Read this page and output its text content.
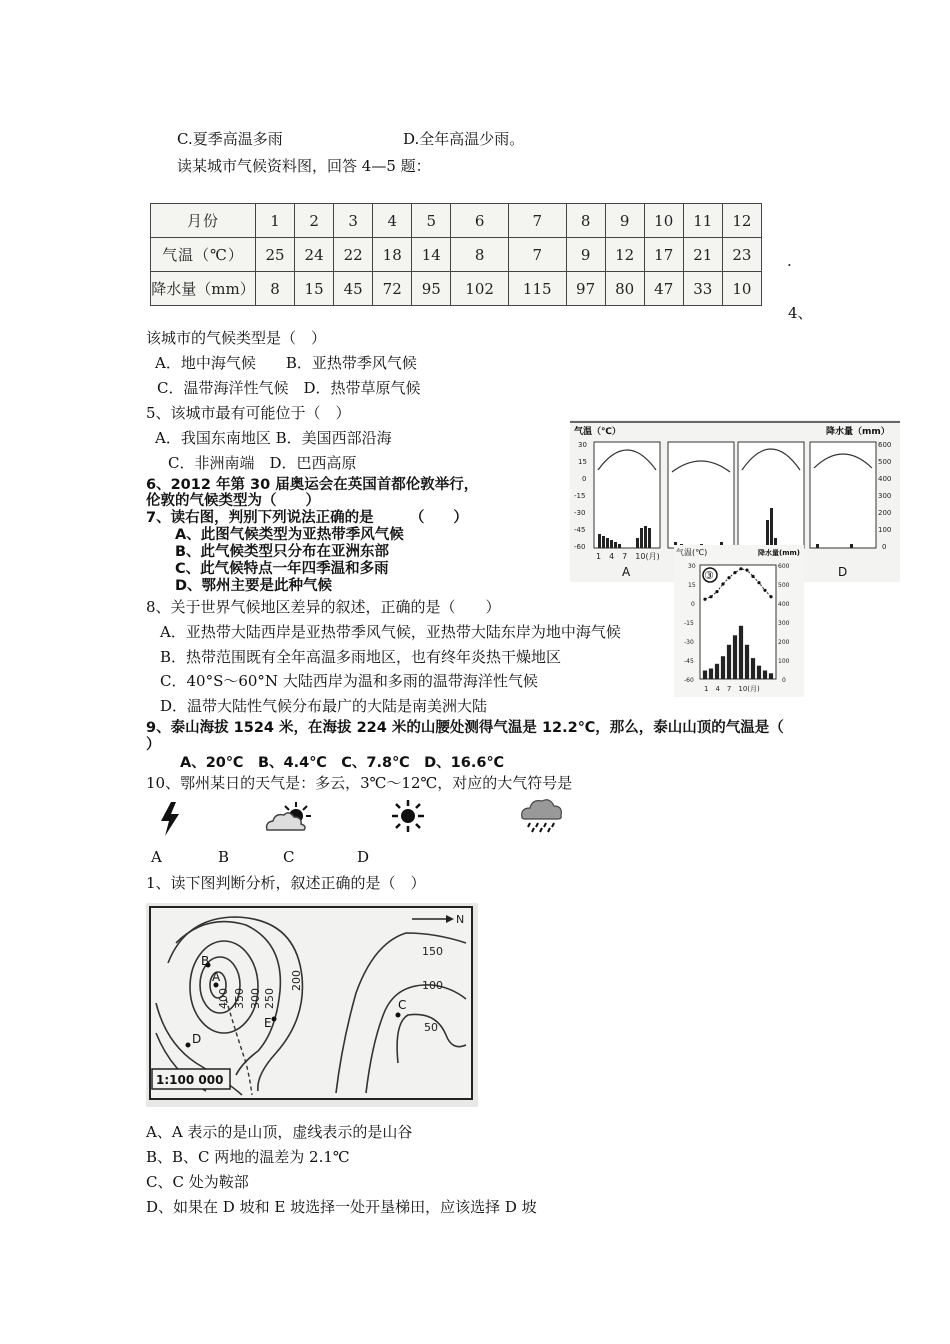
C.夏季高温多雨	D.全年高温少雨。
读某城市气候资料图，回答 4—5 题：
月份	1	2	3	4	5	6	7	8	9	10	11	12
气温（℃）	25	24	22	18	14	8	7	9	12	17	21	23
降水量（mm）	8	15	45	72	95	102	115	97	80	47	33	10
.
4、
该城市的气候类型是（　）
A．地中海气候　　B．亚热带季风气候
C．温带海洋性气候　D．热带草原气候
5、该城市最有可能位于（　）
A．我国东南地区 B．美国西部沿海
C．非洲南端　D．巴西高原
6、2012 年第 30 届奥运会在英国首都伦敦举行，
伦敦的气候类型为（　　）
7、读右图，判别下列说法正确的是　　　（　　）
A、此图气候类型为亚热带季风气候
B、此气候类型只分布在亚洲东部
C、此气候特点一年四季温和多雨
D、鄂州主要是此种气候
8、关于世界气候地区差异的叙述，正确的是（　　）
A．亚热带大陆西岸是亚热带季风气候，亚热带大陆东岸为地中海气候
B．热带范围既有全年高温多雨地区，也有终年炎热干燥地区
C．40°S～60°N 大陆西岸为温和多雨的温带海洋性气候
D．温带大陆性气候分布最广的大陆是南美洲大陆
9、泰山海拔 1524 米，在海拔 224 米的山腰处测得气温是 12.2℃，那么，泰山山顶的气温是（
）
A、20℃　B、4.4℃　C、7.8℃　D、16.6℃
10、鄂州某日的天气是：多云，3℃～12℃，对应的大气符号是
A	B	C	D
1、读下图判断分析，叙述正确的是（　）
400 350 300 250
200
150
100
50
A
B
C
D
E
N
1:100 000
A、A 表示的是山顶，虚线表示的是山谷
B、B、C 两地的温差为 2.1℃
C、C 处为鞍部
D、如果在 D 坡和 E 坡选择一处开垦梯田，应该选择 D 坡
气温（℃）	降水量（mm）
30
15
0
-15
-30
-45
-60
600
500
400
300
200
100
0
1　4　7　10(月)
A	D
气温(℃)	降水量(mm)
30
15
0
-15
-30
-45
-60
600
500
400
300
200
100
0
③
1　4　7　10(月)
